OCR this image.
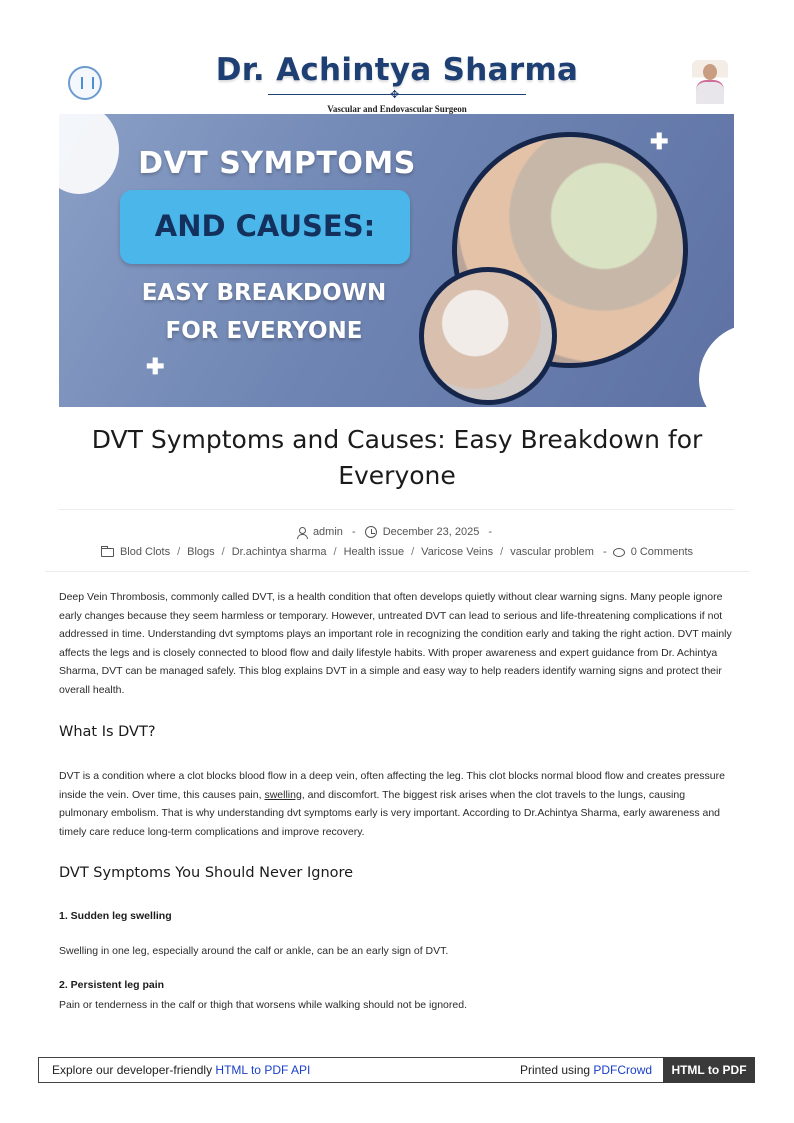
Dr. Achintya Sharma
✥
Vascular and Endovascular Surgeon
✚
✚
DVT SYMPTOMS
AND CAUSES:
EASY BREAKDOWN
FOR EVERYONE
DVT Symptoms and Causes: Easy Breakdown for Everyone
admin - December 23, 2025 -
Blod Clots / Blogs / Dr.achintya sharma / Health issue / Varicose Veins / vascular problem - 0 Comments

Deep Vein Thrombosis, commonly called DVT, is a health condition that often develops quietly without clear warning signs. Many people ignore early changes because they seem harmless or temporary. However, untreated DVT can lead to serious and life-threatening complications if not addressed in time. Understanding dvt symptoms plays an important role in recognizing the condition early and taking the right action. DVT mainly affects the legs and is closely connected to blood flow and daily lifestyle habits. With proper awareness and expert guidance from Dr. Achintya Sharma, DVT can be managed safely. This blog explains DVT in a simple and easy way to help readers identify warning signs and protect their overall health.

What Is DVT?

DVT is a condition where a clot blocks blood flow in a deep vein, often affecting the leg. This clot blocks normal blood flow and creates pressure inside the vein. Over time, this causes pain, swelling, and discomfort. The biggest risk arises when the clot travels to the lungs, causing pulmonary embolism. That is why understanding dvt symptoms early is very important. According to Dr.Achintya Sharma, early awareness and timely care reduce long-term complications and improve recovery.

DVT Symptoms You Should Never Ignore
1. Sudden leg swelling

Swelling in one leg, especially around the calf or ankle, can be an early sign of DVT.

2. Persistent leg pain

Pain or tenderness in the calf or thigh that worsens while walking should not be ignored.

Explore our developer-friendly HTML to PDF API	Printed using PDFCrowd	HTML to PDF
